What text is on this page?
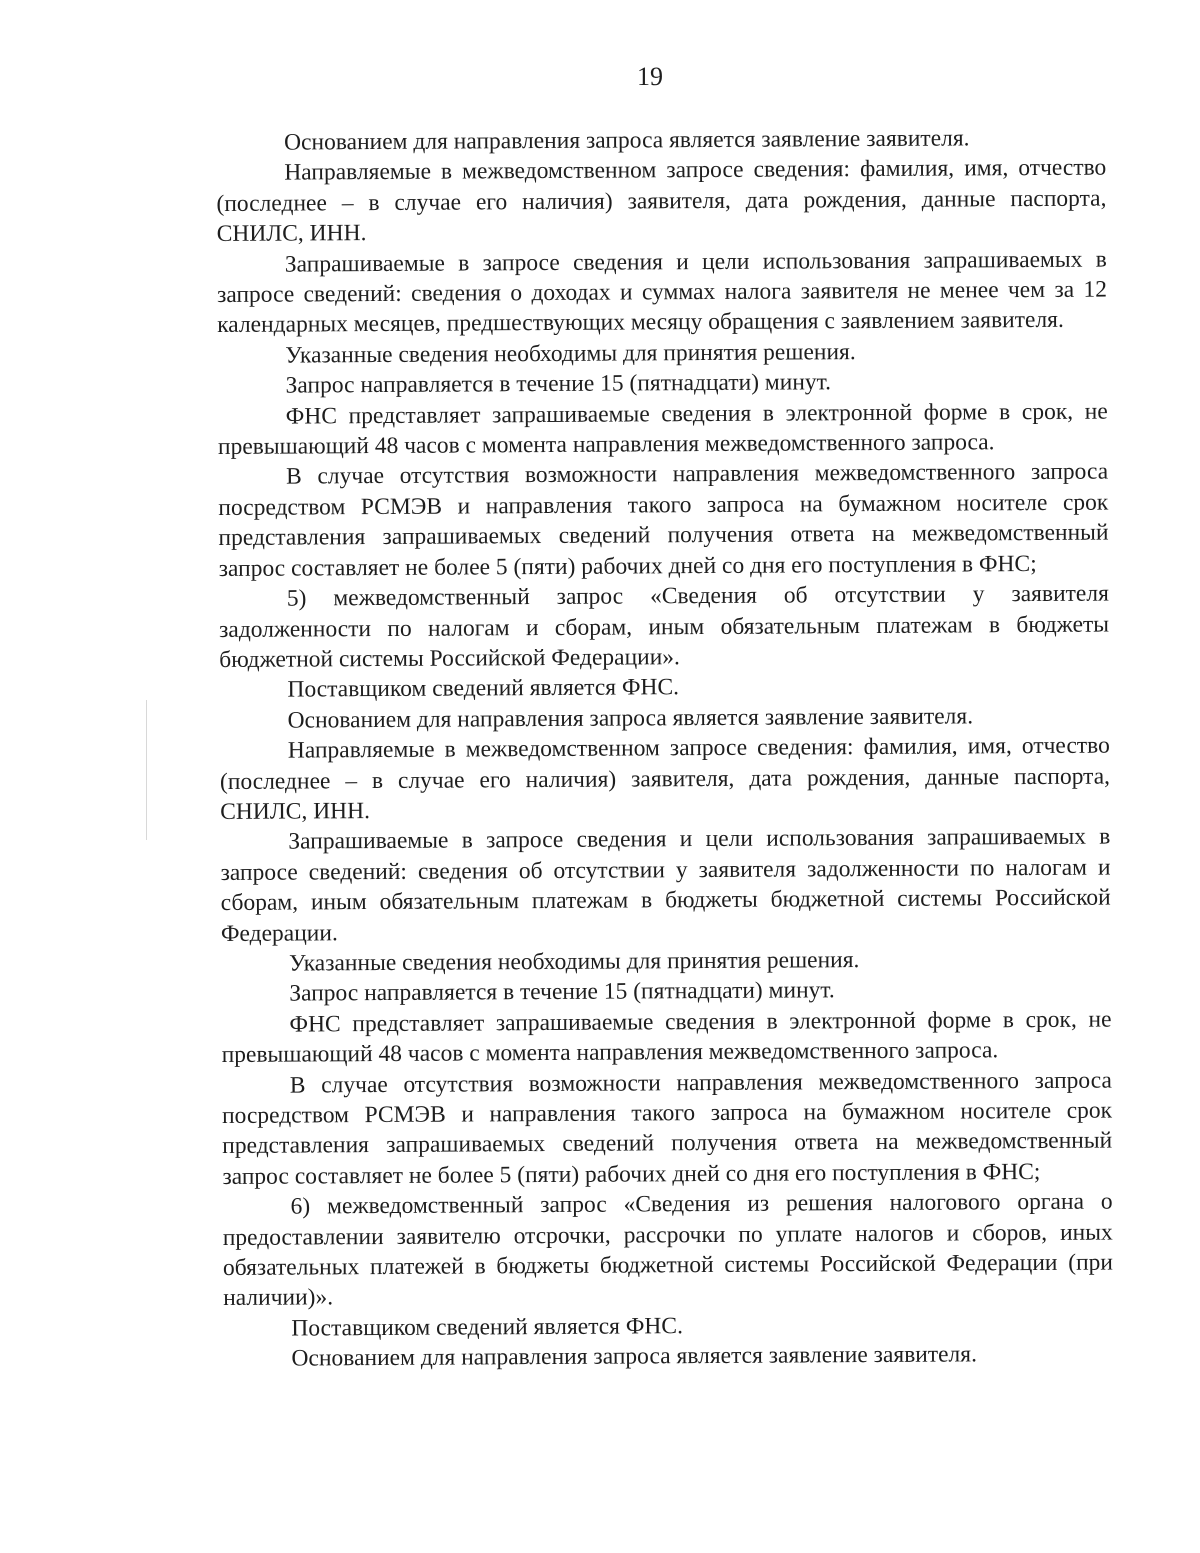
19

Основанием для направления запроса является заявление заявителя.

Направляемые в межведомственном запросе сведения: фамилия, имя, отчество (последнее – в случае его наличия) заявителя, дата рождения, данные паспорта, СНИЛС, ИНН.

Запрашиваемые в запросе сведения и цели использования запрашиваемых в запросе сведений: сведения о доходах и суммах налога заявителя не менее чем за 12 календарных месяцев, предшествующих месяцу обращения с заявлением заявителя.

Указанные сведения необходимы для принятия решения.

Запрос направляется в течение 15 (пятнадцати) минут.

ФНС представляет запрашиваемые сведения в электронной форме в срок, не превышающий 48 часов с момента направления межведомственного запроса.

В случае отсутствия возможности направления межведомственного запроса посредством РСМЭВ и направления такого запроса на бумажном носителе срок представления запрашиваемых сведений получения ответа на межведомственный запрос составляет не более 5 (пяти) рабочих дней со дня его поступления в ФНС;

5) межведомственный запрос «Сведения об отсутствии у заявителя задолженности по налогам и сборам, иным обязательным платежам в бюджеты бюджетной системы Российской Федерации».

Поставщиком сведений является ФНС.

Основанием для направления запроса является заявление заявителя.

Направляемые в межведомственном запросе сведения: фамилия, имя, отчество (последнее – в случае его наличия) заявителя, дата рождения, данные паспорта, СНИЛС, ИНН.

Запрашиваемые в запросе сведения и цели использования запрашиваемых в запросе сведений: сведения об отсутствии у заявителя задолженности по налогам и сборам, иным обязательным платежам в бюджеты бюджетной системы Российской Федерации.

Указанные сведения необходимы для принятия решения.

Запрос направляется в течение 15 (пятнадцати) минут.

ФНС представляет запрашиваемые сведения в электронной форме в срок, не превышающий 48 часов с момента направления межведомственного запроса.

В случае отсутствия возможности направления межведомственного запроса посредством РСМЭВ и направления такого запроса на бумажном носителе срок представления запрашиваемых сведений получения ответа на межведомственный запрос составляет не более 5 (пяти) рабочих дней со дня его поступления в ФНС;

6) межведомственный запрос «Сведения из решения налогового органа о предоставлении заявителю отсрочки, рассрочки по уплате налогов и сборов, иных обязательных платежей в бюджеты бюджетной системы Российской Федерации (при наличии)».

Поставщиком сведений является ФНС.

Основанием для направления запроса является заявление заявителя.
